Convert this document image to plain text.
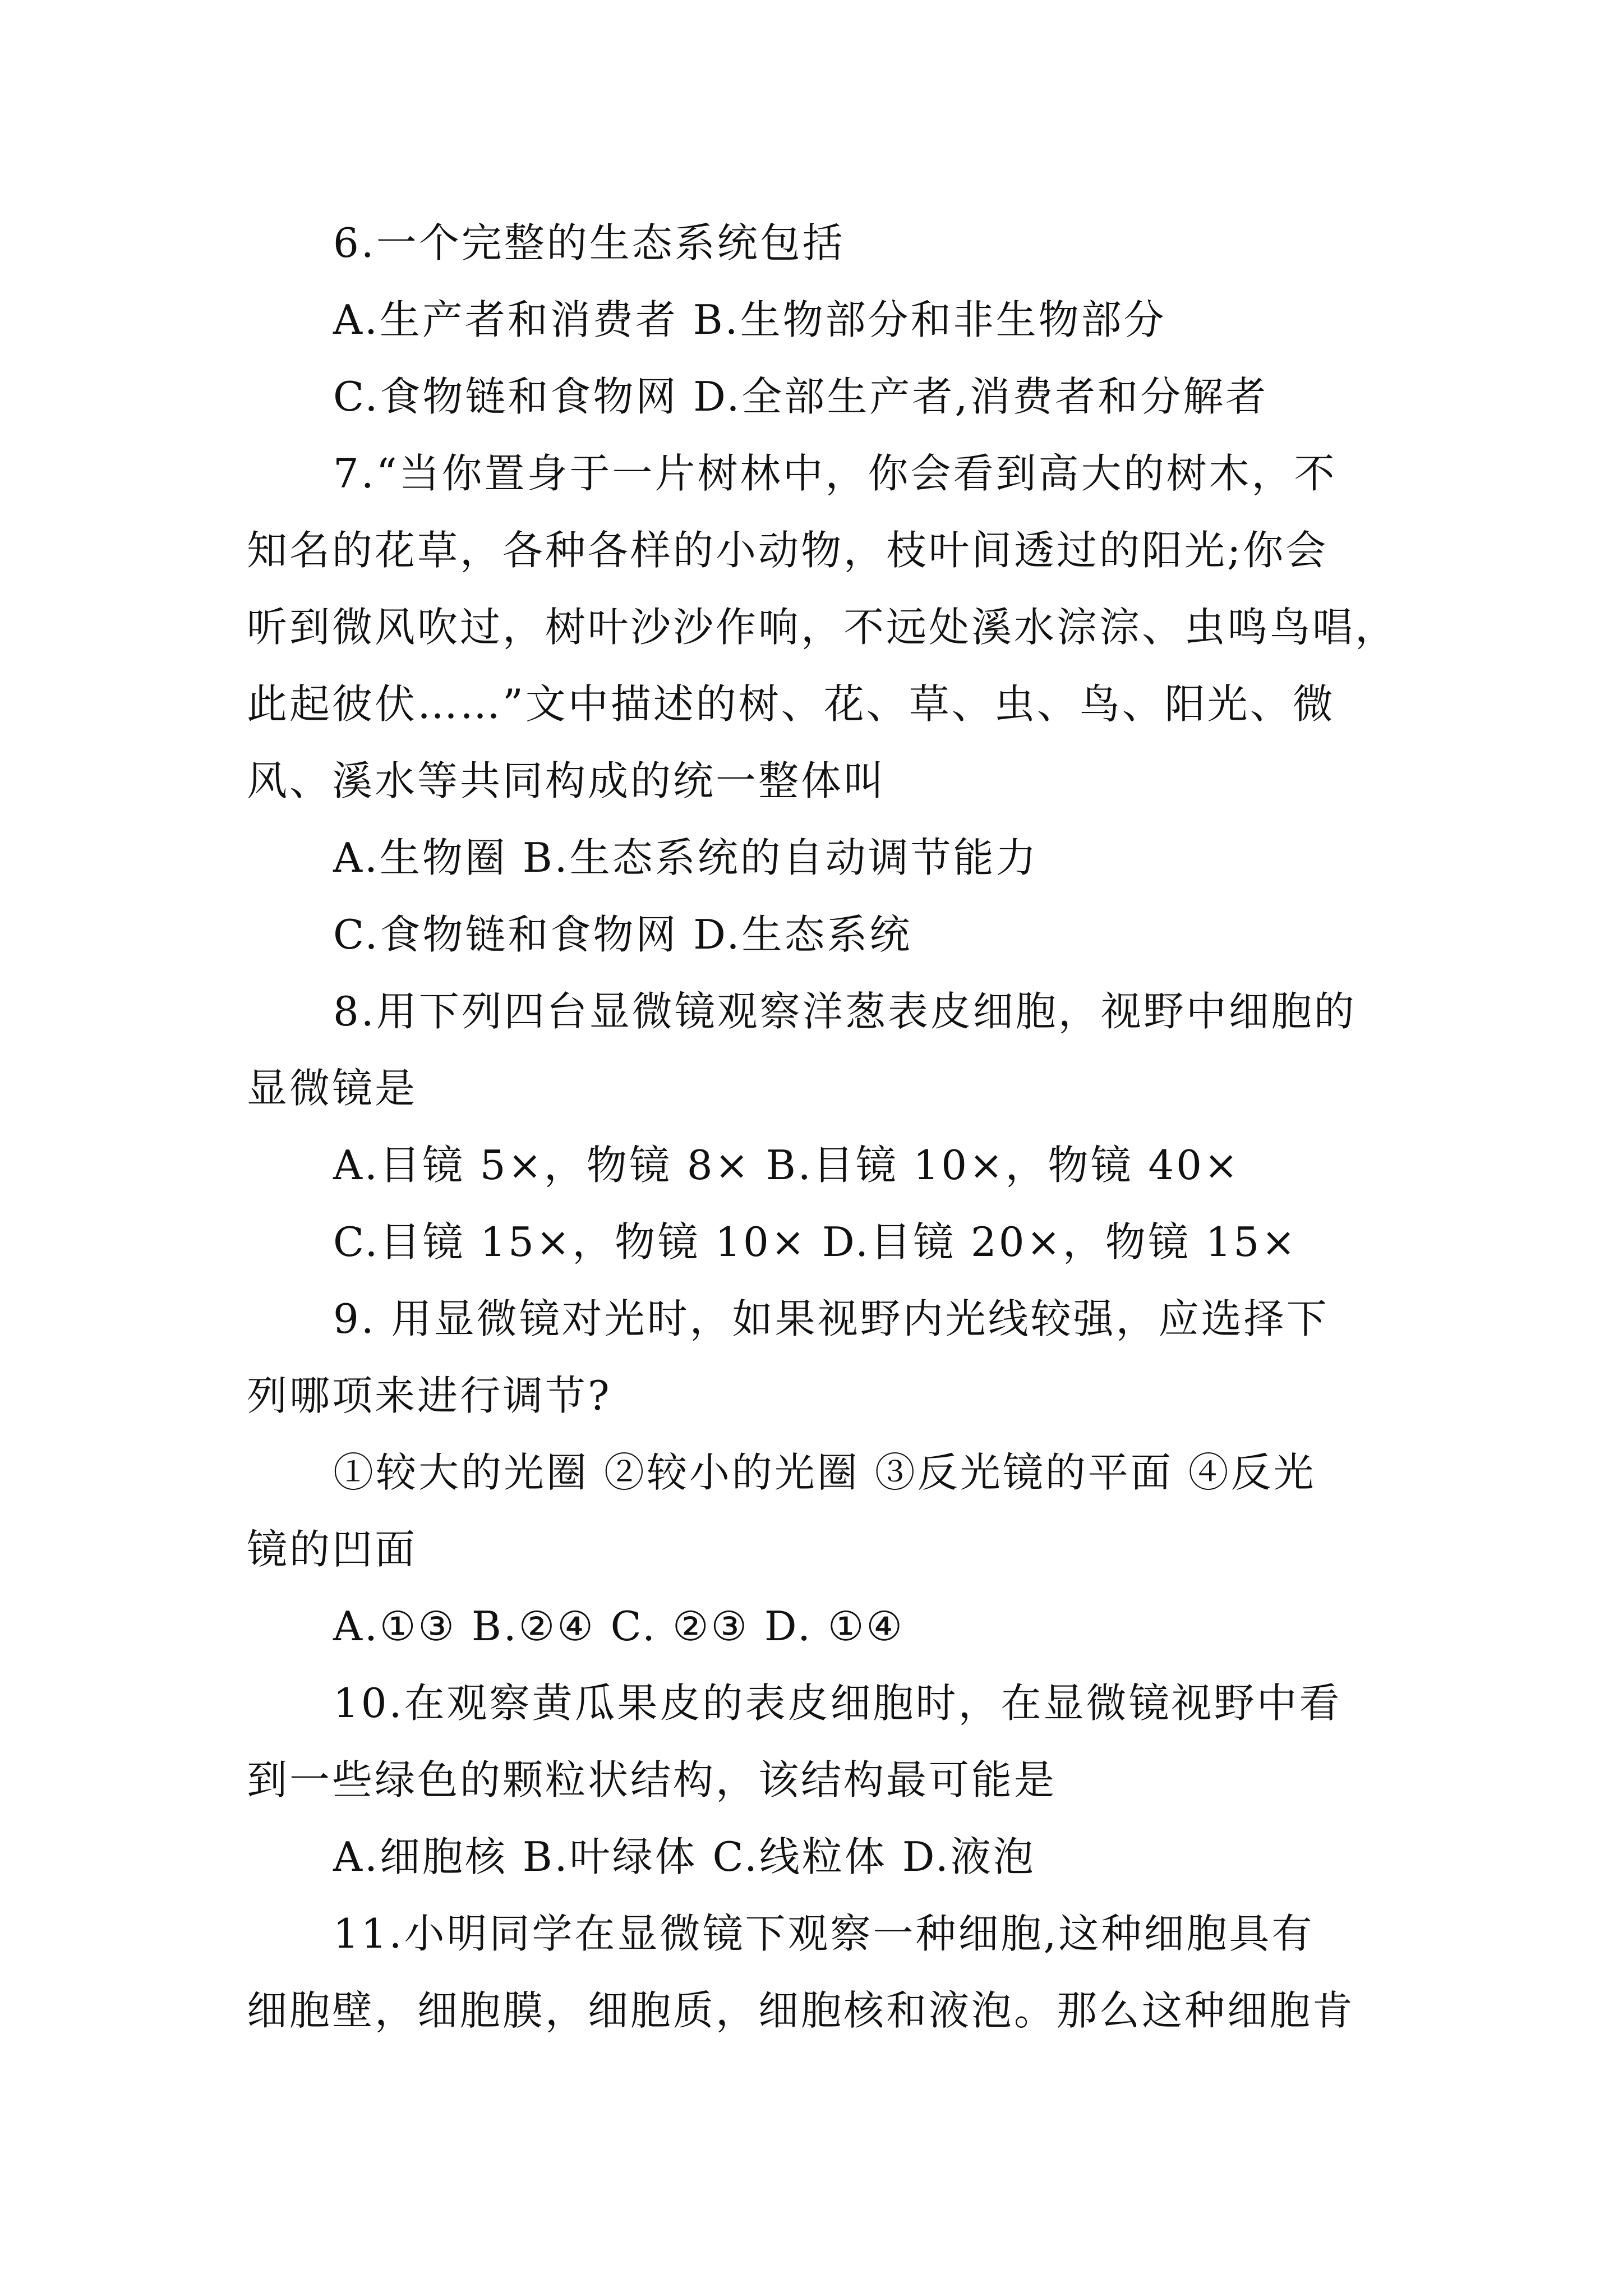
6.一个完整的生态系统包括
A.生产者和消费者 B.生物部分和非生物部分
C.食物链和食物网 D.全部生产者,消费者和分解者
7.“当你置身于一片树林中，你会看到高大的树木，不
知名的花草，各种各样的小动物，枝叶间透过的阳光;你会
听到微风吹过，树叶沙沙作响，不远处溪水淙淙、虫鸣鸟唱，
此起彼伏……”文中描述的树、花、草、虫、鸟、阳光、微
风、溪水等共同构成的统一整体叫
A.生物圈 B.生态系统的自动调节能力
C.食物链和食物网 D.生态系统
8.用下列四台显微镜观察洋葱表皮细胞，视野中细胞的
显微镜是
A.目镜 5×，物镜 8× B.目镜 10×，物镜 40×
C.目镜 15×，物镜 10× D.目镜 20×，物镜 15×
9. 用显微镜对光时，如果视野内光线较强，应选择下
列哪项来进行调节?
①较大的光圈 ②较小的光圈 ③反光镜的平面 ④反光
镜的凹面
A.①③ B.②④ C. ②③ D. ①④
10.在观察黄瓜果皮的表皮细胞时，在显微镜视野中看
到一些绿色的颗粒状结构，该结构最可能是
A.细胞核 B.叶绿体 C.线粒体 D.液泡
11.小明同学在显微镜下观察一种细胞,这种细胞具有
细胞壁，细胞膜，细胞质，细胞核和液泡。那么这种细胞肯
